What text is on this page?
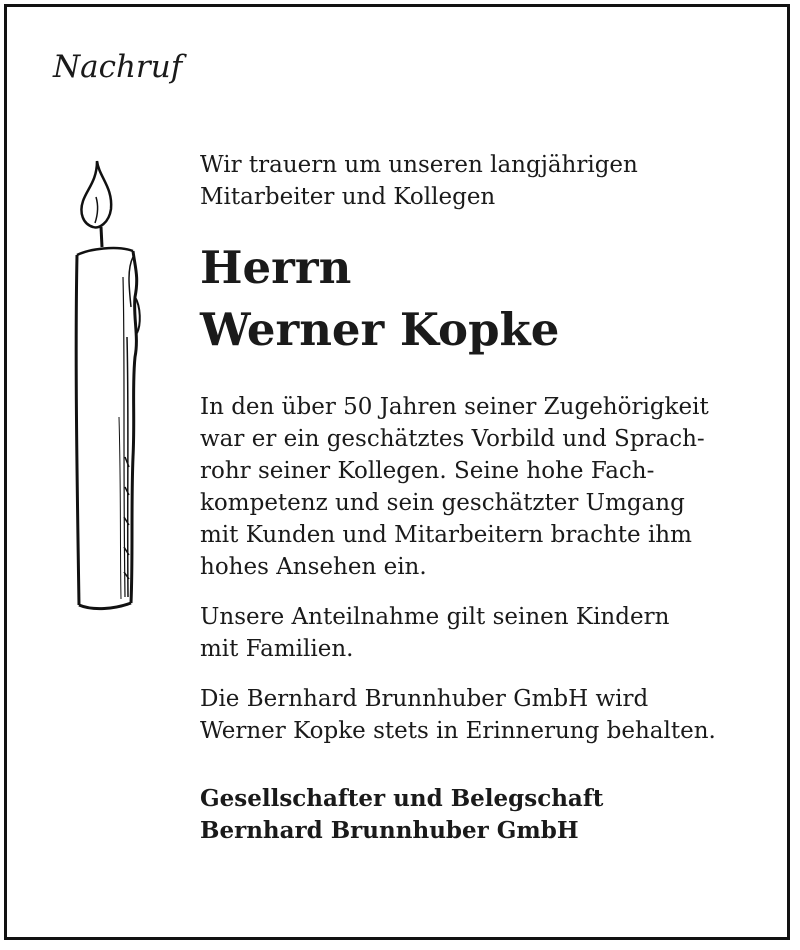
Nachruf

Wir trauern um unseren langjährigen
Mitarbeiter und Kollegen

Herrn
Werner Kopke

In den über 50 Jahren seiner Zugehörigkeit
war er ein geschätztes Vorbild und Sprach-
rohr seiner Kollegen. Seine hohe Fach-
kompetenz und sein geschätzter Umgang
mit Kunden und Mitarbeitern brachte ihm
hohes Ansehen ein.

Unsere Anteilnahme gilt seinen Kindern
mit Familien.

Die Bernhard Brunnhuber GmbH wird
Werner Kopke stets in Erinnerung behalten.

Gesellschafter und Belegschaft
Bernhard Brunnhuber GmbH
